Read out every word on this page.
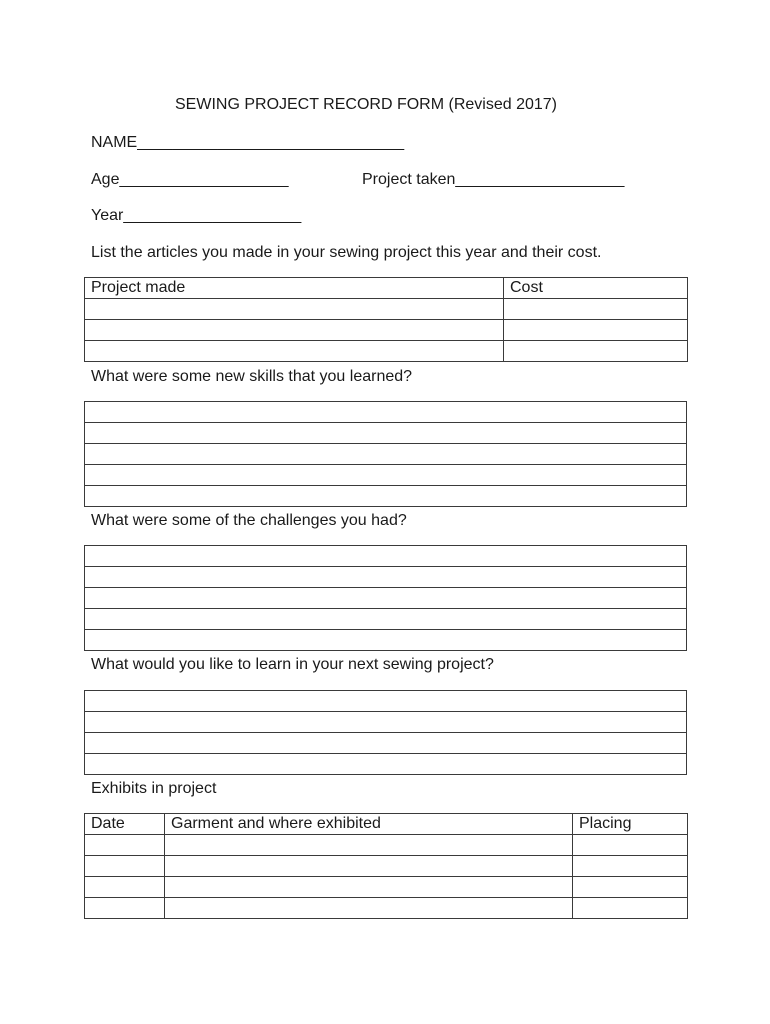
SEWING PROJECT RECORD FORM (Revised 2017)
NAME______________________________
Age___________________	Project taken___________________
Year____________________
List the articles you made in your sewing project this year and their cost.
Project made	Cost

What were some new skills that you learned?

What were some of the challenges you had?

What would you like to learn in your next sewing project?

Exhibits in project
Date	Garment and where exhibited	Placing
